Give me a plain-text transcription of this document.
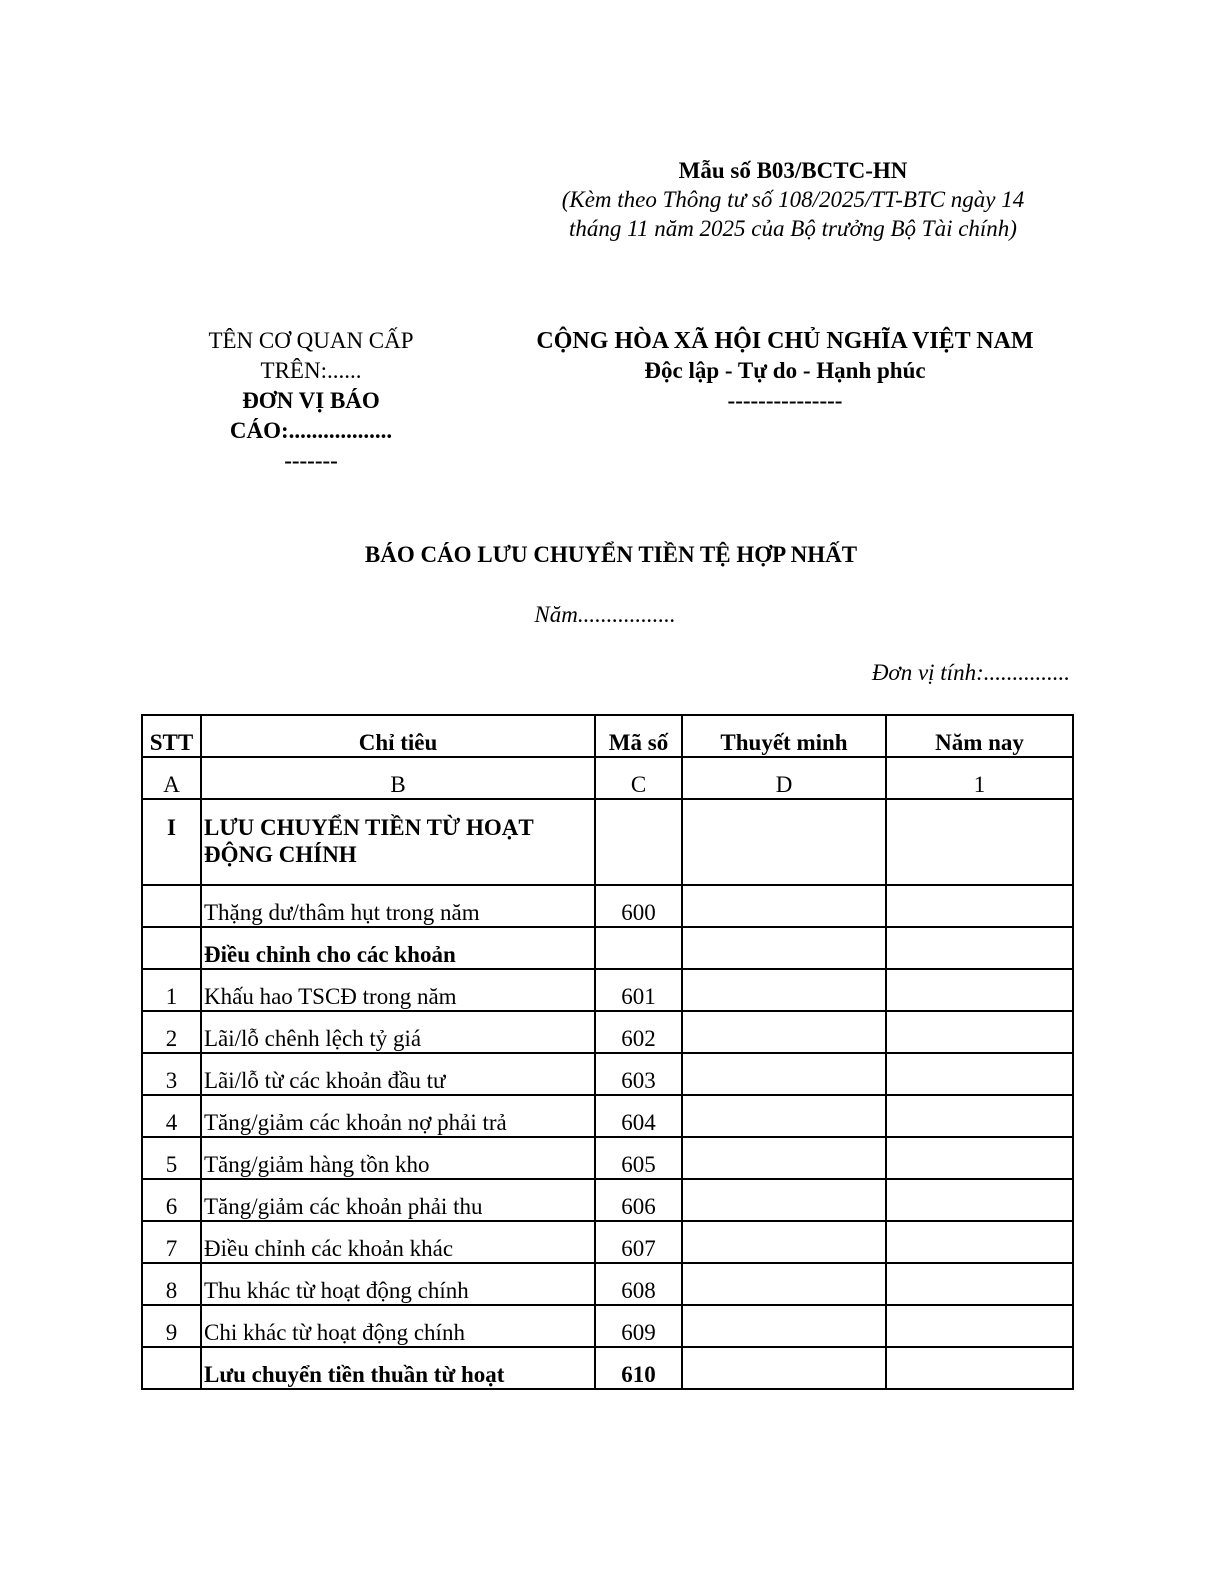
Mẫu số B03/BCTC-HN
(Kèm theo Thông tư số 108/2025/TT-BTC ngày 14
tháng 11 năm 2025 của Bộ trưởng Bộ Tài chính)
TÊN CƠ QUAN CẤP
TRÊN:......
ĐƠN VỊ BÁO
CÁO:..................
-------
CỘNG HÒA XÃ HỘI CHỦ NGHĨA VIỆT NAM
Độc lập - Tự do - Hạnh phúc
---------------
BÁO CÁO LƯU CHUYỂN TIỀN TỆ HỢP NHẤT
Năm.................
Đơn vị tính:...............
STT	Chỉ tiêu	Mã số	Thuyết minh	Năm nay
A	B	C	D	1
I	LƯU CHUYỂN TIỀN TỪ HOẠT ĐỘNG CHÍNH			
	Thặng dư/thâm hụt trong năm	600		
	Điều chỉnh cho các khoản			
1	Khấu hao TSCĐ trong năm	601		
2	Lãi/lỗ chênh lệch tỷ giá	602		
3	Lãi/lỗ từ các khoản đầu tư	603		
4	Tăng/giảm các khoản nợ phải trả	604		
5	Tăng/giảm hàng tồn kho	605		
6	Tăng/giảm các khoản phải thu	606		
7	Điều chỉnh các khoản khác	607		
8	Thu khác từ hoạt động chính	608		
9	Chi khác từ hoạt động chính	609		
	Lưu chuyển tiền thuần từ hoạt	610		
